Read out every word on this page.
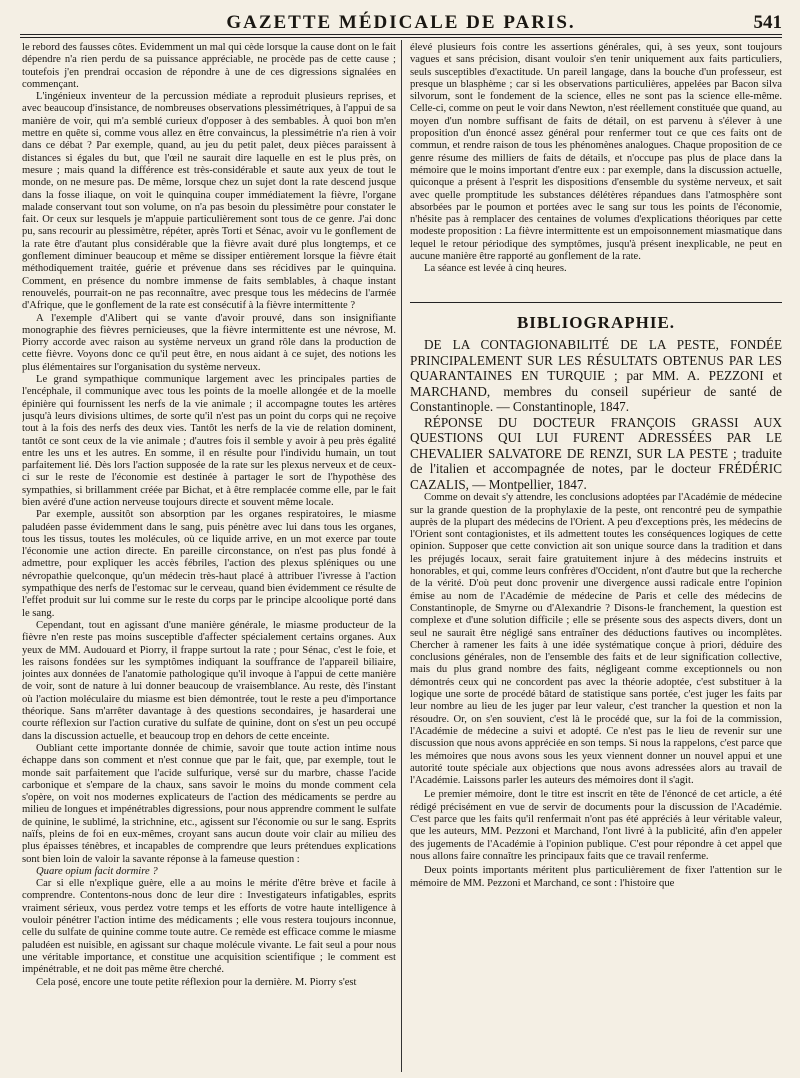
GAZETTE MÉDICALE DE PARIS.	541

le rebord des fausses côtes. Évidemment un mal qui cède lorsque la cause dont on le fait dépendre n'a rien perdu de sa puissance appréciable, ne procède pas de cette cause ; toutefois j'en prendrai occasion de répondre à une de ces digressions signalées en commençant.

L'ingénieux inventeur de la percussion médiate a reproduit plusieurs reprises, et avec beaucoup d'insistance, de nombreuses observations plessimétriques, à l'appui de sa manière de voir, qui m'a semblé curieux d'opposer à des sembables. À quoi bon m'en mettre en quête si, comme vous allez en être convaincus, la plessimétrie n'a rien à voir dans ce débat ? Par exemple, quand, au jeu du petit palet, deux pièces paraissent à distances si égales du but, que l'œil ne saurait dire laquelle en est le plus près, on mesure ; mais quand la différence est très-considérable et saute aux yeux de tout le monde, on ne mesure pas. De même, lorsque chez un sujet dont la rate descend jusque dans la fosse iliaque, on voit le quinquina couper immédiatement la fièvre, l'organe malade conservant tout son volume, on n'a pas besoin du plessimètre pour constater le fait. Or ceux sur lesquels je m'appuie particulièrement sont tous de ce genre. J'ai donc pu, sans recourir au plessimètre, répéter, après Torti et Sénac, avoir vu le gonflement de la rate être d'autant plus considérable que la fièvre avait duré plus longtemps, et ce gonflement diminuer beaucoup et même se dissiper entièrement lorsque la fièvre était méthodiquement traitée, guérie et prévenue dans ses récidives par le quinquina. Comment, en présence du nombre immense de faits semblables, à chaque instant renouvelés, pourrait-on ne pas reconnaître, avec presque tous les médecins de l'armée d'Afrique, que le gonflement de la rate est consécutif à la fièvre intermittente ?

A l'exemple d'Alibert qui se vante d'avoir prouvé, dans son insignifiante monographie des fièvres pernicieuses, que la fièvre intermittente est une névrose, M. Piorry accorde avec raison au système nerveux un grand rôle dans la production de cette fièvre. Voyons donc ce qu'il peut être, en nous aidant à ce sujet, des notions les plus élémentaires sur l'organisation du système nerveux.

Le grand sympathique communique largement avec les principales parties de l'encéphale, il communique avec tous les points de la moelle allongée et de la moelle épinière qui fournissent les nerfs de la vie animale ; il accompagne toutes les artères jusqu'à leurs divisions ultimes, de sorte qu'il n'est pas un point du corps qui ne reçoive tout à la fois des nerfs des deux vies. Tantôt les nerfs de la vie de relation dominent, tantôt ce sont ceux de la vie animale ; d'autres fois il semble y avoir à peu près égalité entre les uns et les autres. En somme, il en résulte pour l'individu humain, un tout parfaitement lié. Dès lors l'action supposée de la rate sur les plexus nerveux et de ceux-ci sur le reste de l'économie est destinée à partager le sort de l'hypothèse des sympathies, si brillamment créée par Bichat, et à être remplacée comme elle, par le fait bien avéré d'une action nerveuse toujours directe et souvent même locale.

Par exemple, aussitôt son absorption par les organes respiratoires, le miasme paludéen passe évidemment dans le sang, puis pénètre avec lui dans tous les organes, tous les tissus, toutes les molécules, où ce liquide arrive, en un mot exerce par toute l'économie une action directe. En pareille circonstance, on n'est pas plus fondé à admettre, pour expliquer les accès fébriles, l'action des plexus spléniques ou une névropathie quelconque, qu'un médecin très-haut placé à attribuer l'ivresse à l'action sympathique des nerfs de l'estomac sur le cerveau, quand bien évidemment ce résulte de l'effet produit sur lui comme sur le reste du corps par le principe alcoolique porté dans le sang.

Cependant, tout en agissant d'une manière générale, le miasme producteur de la fièvre n'en reste pas moins susceptible d'affecter spécialement certains organes. Aux yeux de MM. Audouard et Piorry, il frappe surtout la rate ; pour Sénac, c'est le foie, et les raisons fondées sur les symptômes indiquant la souffrance de l'appareil biliaire, jointes aux données de l'anatomie pathologique qu'il invoque à l'appui de cette manière de voir, sont de nature à lui donner beaucoup de vraisemblance. Au reste, dès l'instant où l'action moléculaire du miasme est bien démontrée, tout le reste a peu d'importance théorique. Sans m'arrêter davantage à des questions secondaires, je hasarderai une courte réflexion sur l'action curative du sulfate de quinine, dont on s'est un peu occupé dans la discussion actuelle, et beaucoup trop en dehors de cette enceinte.

Oubliant cette importante donnée de chimie, savoir que toute action intime nous échappe dans son comment et n'est connue que par le fait, que, par exemple, tout le monde sait parfaitement que l'acide sulfurique, versé sur du marbre, chasse l'acide carbonique et s'empare de la chaux, sans savoir le moins du monde comment cela s'opère, on voit nos modernes explicateurs de l'action des médicaments se perdre au milieu de longues et impénétrables digressions, pour nous apprendre comment le sulfate de quinine, le sublimé, la strichnine, etc., agissent sur l'économie ou sur le sang. Esprits naïfs, pleins de foi en eux-mêmes, croyant sans aucun doute voir clair au milieu des plus épaisses ténèbres, et incapables de comprendre que leurs prétendues explications sont bien loin de valoir la savante réponse à la fameuse question :

Quare opium facit dormire ?

Car si elle n'explique guère, elle a au moins le mérite d'être brève et facile à comprendre. Contentons-nous donc de leur dire : Investigateurs infatigables, esprits vraiment sérieux, vous perdez votre temps et les efforts de votre haute intelligence à vouloir pénétrer l'action intime des médicaments ; elle vous restera toujours inconnue, celle du sulfate de quinine comme toute autre. Ce remède est efficace comme le miasme paludéen est nuisible, en agissant sur chaque molécule vivante. Le fait seul a pour nous une véritable importance, et constitue une acquisition scientifique ; le comment est impénétrable, et ne doit pas même être cherché.

Cela posé, encore une toute petite réflexion pour la dernière. M. Piorry s'est

élevé plusieurs fois contre les assertions générales, qui, à ses yeux, sont toujours vagues et sans précision, disant vouloir s'en tenir uniquement aux faits particuliers, seuls susceptibles d'exactitude. Un pareil langage, dans la bouche d'un professeur, est presque un blasphème ; car si les observations particulières, appelées par Bacon silva silvorum, sont le fondement de la science, elles ne sont pas la science elle-même. Celle-ci, comme on peut le voir dans Newton, n'est réellement constituée que quand, au moyen d'un nombre suffisant de faits de détail, on est parvenu à s'élever à une proposition d'un énoncé assez général pour renfermer tout ce que ces faits ont de commun, et rendre raison de tous les phénomènes analogues. Chaque proposition de ce genre résume des milliers de faits de détails, et n'occupe pas plus de place dans la mémoire que le moins important d'entre eux : par exemple, dans la discussion actuelle, quiconque a présent à l'esprit les dispositions d'ensemble du système nerveux, et sait avec quelle promptitude les substances délétères répandues dans l'atmosphère sont absorbées par le poumon et portées avec le sang sur tous les points de l'économie, n'hésite pas à remplacer des centaines de volumes d'explications théoriques par cette modeste proposition : La fièvre intermittente est un empoisonnement miasmatique dans lequel le retour périodique des symptômes, jusqu'à présent inexplicable, ne peut en aucune manière être rapporté au gonflement de la rate.

La séance est levée à cinq heures.

BIBLIOGRAPHIE.

DE LA CONTAGIONABILITÉ DE LA PESTE, FONDÉE PRINCIPALEMENT SUR LES RÉSULTATS OBTENUS PAR LES QUARANTAINES EN TURQUIE ; par MM. A. PEZZONI et MARCHAND, membres du conseil supérieur de santé de Constantinople. — Constantinople, 1847.

RÉPONSE DU DOCTEUR FRANÇOIS GRASSI AUX QUESTIONS QUI LUI FURENT ADRESSÉES PAR LE CHEVALIER SALVATORE DE RENZI, SUR LA PESTE ; traduite de l'italien et accompagnée de notes, par le docteur FRÉDÉRIC CAZALIS, — Montpellier, 1847.

Comme on devait s'y attendre, les conclusions adoptées par l'Académie de médecine sur la grande question de la prophylaxie de la peste, ont rencontré peu de sympathie auprès de la plupart des médecins de l'Orient. A peu d'exceptions près, les médecins de l'Orient sont contagionistes, et ils admettent toutes les conséquences logiques de cette opinion. Supposer que cette conviction ait son unique source dans la tradition et dans les préjugés locaux, serait faire gratuitement injure à des médecins instruits et honorables, et qui, comme leurs confrères d'Occident, n'ont d'autre but que la recherche de la vérité. D'où peut donc provenir une divergence aussi radicale entre l'opinion émise au nom de l'Académie de médecine de Paris et celle des médecins de Constantinople, de Smyrne ou d'Alexandrie ? Disons-le franchement, la question est complexe et d'une solution difficile ; elle se présente sous des aspects divers, dont un seul ne saurait être négligé sans entraîner des déductions fautives ou incomplètes. Chercher à ramener les faits à une idée systématique conçue à priori, déduire des conclusions générales, non de l'ensemble des faits et de leur signification collective, mais du plus grand nombre des faits, négligeant comme exceptionnels ou non démontrés ceux qui ne concordent pas avec la théorie adoptée, c'est substituer à la logique une sorte de procédé bâtard de statistique sans portée, c'est juger les faits par leur nombre au lieu de les juger par leur valeur, c'est trancher la question et non la résoudre. Or, on s'en souvient, c'est là le procédé que, sur la foi de la commission, l'Académie de médecine a suivi et adopté. Ce n'est pas le lieu de revenir sur une discussion que nous avons appréciée en son temps. Si nous la rappelons, c'est parce que les mémoires que nous avons sous les yeux viennent donner un nouvel appui et une autorité toute spéciale aux objections que nous avons adressées alors au travail de l'Académie. Laissons parler les auteurs des mémoires dont il s'agit.

Le premier mémoire, dont le titre est inscrit en tête de l'énoncé de cet article, a été rédigé précisément en vue de servir de documents pour la discussion de l'Académie. C'est parce que les faits qu'il renfermait n'ont pas été appréciés à leur véritable valeur, que les auteurs, MM. Pezzoni et Marchand, l'ont livré à la publicité, afin d'en appeler des jugements de l'Académie à l'opinion publique. C'est pour répondre à cet appel que nous allons faire connaître les principaux faits que ce travail renferme.

Deux points importants méritent plus particulièrement de fixer l'attention sur le mémoire de MM. Pezzoni et Marchand, ce sont : l'histoire que
